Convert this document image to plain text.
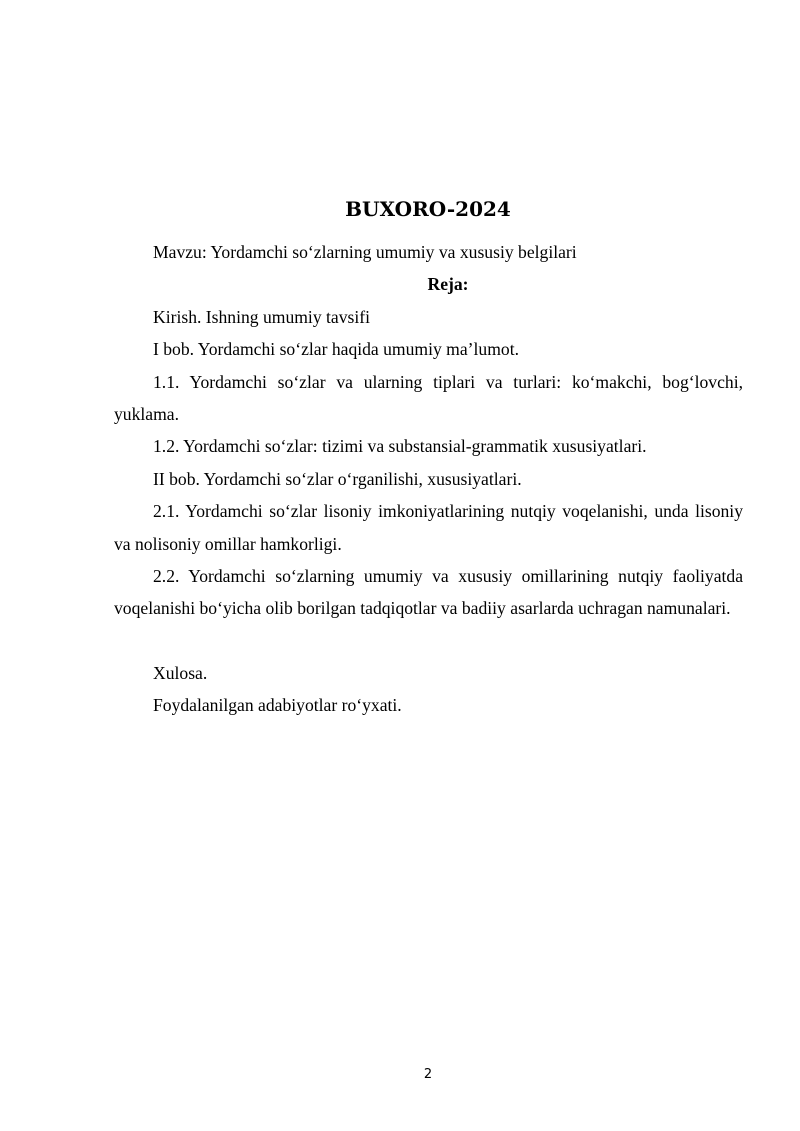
BUXORO-2024

Mavzu: Yordamchi so‘zlarning umumiy va xususiy belgilari

Reja:

Kirish. Ishning umumiy tavsifi

I bob. Yordamchi so‘zlar haqida umumiy ma’lumot.

1.1. Yordamchi so‘zlar va ularning tiplari va turlari: ko‘makchi, bog‘lovchi, yuklama.

1.2. Yordamchi so‘zlar: tizimi va substansial-grammatik xususiyatlari.

II bob. Yordamchi so‘zlar o‘rganilishi, xususiyatlari.

2.1. Yordamchi so‘zlar lisoniy imkoniyatlarining nutqiy voqelanishi, unda lisoniy va nolisoniy omillar hamkorligi.

2.2. Yordamchi so‘zlarning umumiy va xususiy omillarining nutqiy faoliyatda voqelanishi bo‘yicha olib borilgan tadqiqotlar va badiiy asarlarda uchragan namunalari.

Xulosa.

Foydalanilgan adabiyotlar ro‘yxati.

2
